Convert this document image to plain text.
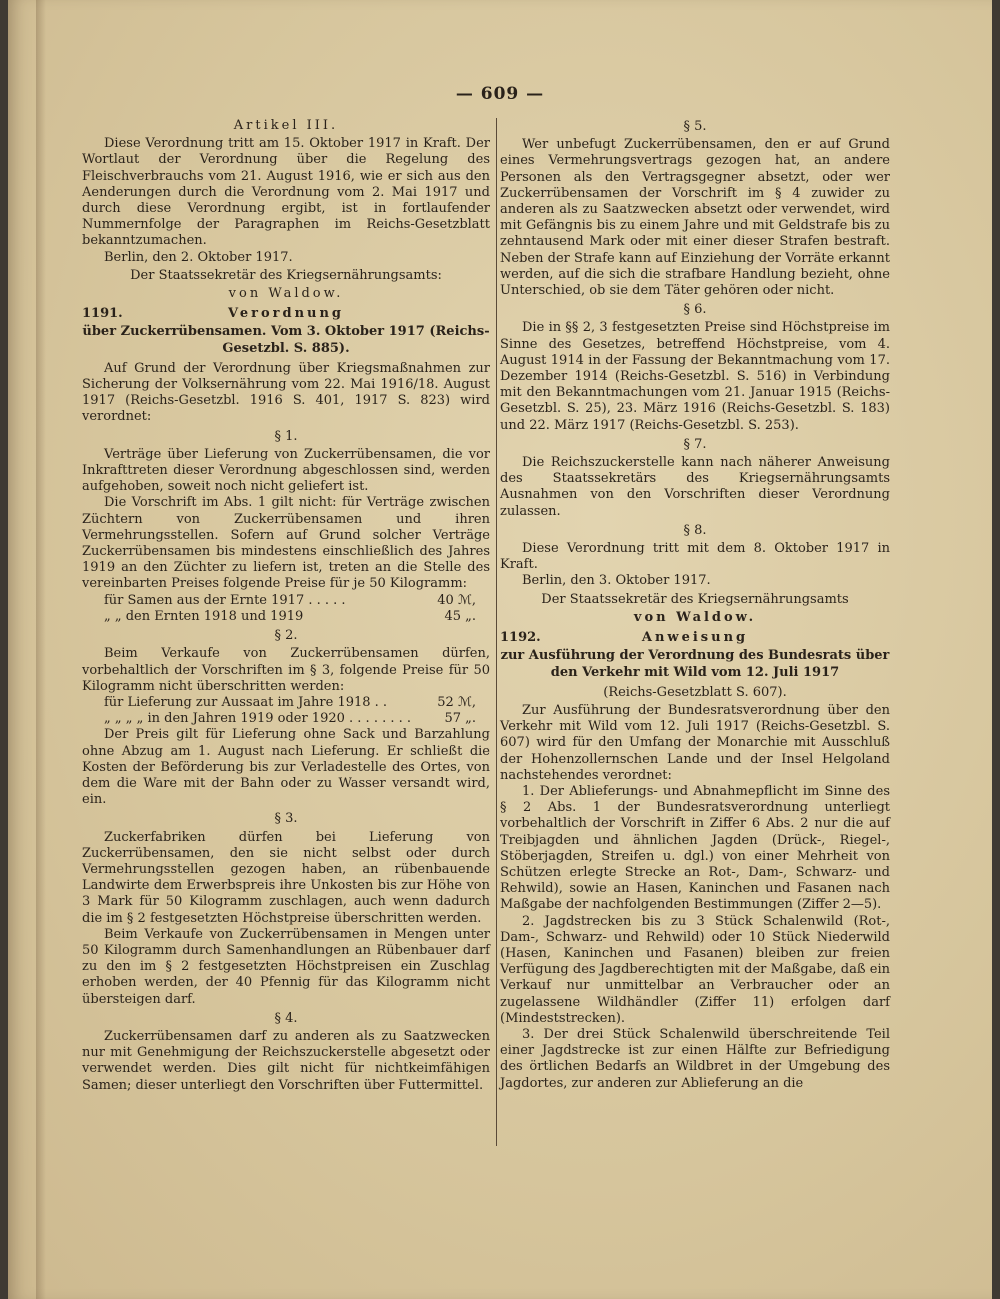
— 609 —

Artikel III.

Diese Verordnung tritt am 15. Oktober 1917 in Kraft. Der Wortlaut der Verordnung über die Regelung des Fleischverbrauchs vom 21. August 1916, wie er sich aus den Aenderungen durch die Verordnung vom 2. Mai 1917 und durch diese Verordnung ergibt, ist in fortlaufender Nummernfolge der Paragraphen im Reichs-Gesetzblatt bekanntzumachen.

Berlin, den 2. Oktober 1917.

Der Staatssekretär des Kriegsernährungsamts:

von Waldow.

1191.	Verordnung

über Zuckerrübensamen. Vom 3. Oktober 1917 (Reichs-Gesetzbl. S. 885).

Auf Grund der Verordnung über Kriegsmaßnahmen zur Sicherung der Volksernährung vom 22. Mai 1916/18. August 1917 (Reichs-Gesetzbl. 1916 S. 401, 1917 S. 823) wird verordnet:

§ 1.

Verträge über Lieferung von Zuckerrübensamen, die vor Inkrafttreten dieser Verordnung abgeschlossen sind, werden aufgehoben, soweit noch nicht geliefert ist.

Die Vorschrift im Abs. 1 gilt nicht: für Verträge zwischen Züchtern von Zuckerrübensamen und ihren Vermehrungsstellen. Sofern auf Grund solcher Verträge Zuckerrübensamen bis mindestens einschließlich des Jahres 1919 an den Züchter zu liefern ist, treten an die Stelle des vereinbarten Preises folgende Preise für je 50 Kilogramm:

für Samen aus der Ernte 1917 . . . . .	40 ℳ,
„ „ den Ernten 1918 und 1919	45 „.

§ 2.

Beim Verkaufe von Zuckerrübensamen dürfen, vorbehaltlich der Vorschriften im § 3, folgende Preise für 50 Kilogramm nicht überschritten werden:

für Lieferung zur Aussaat im Jahre 1918 . .	52 ℳ,
„ „ „ „ in den Jahren 1919 oder 1920 . . . . . . . .	57 „.

Der Preis gilt für Lieferung ohne Sack und Barzahlung ohne Abzug am 1. August nach Lieferung. Er schließt die Kosten der Beförderung bis zur Verladestelle des Ortes, von dem die Ware mit der Bahn oder zu Wasser versandt wird, ein.

§ 3.

Zuckerfabriken dürfen bei Lieferung von Zuckerrübensamen, den sie nicht selbst oder durch Vermehrungsstellen gezogen haben, an rübenbauende Landwirte dem Erwerbspreis ihre Unkosten bis zur Höhe von 3 Mark für 50 Kilogramm zuschlagen, auch wenn dadurch die im § 2 festgesetzten Höchstpreise überschritten werden.

Beim Verkaufe von Zuckerrübensamen in Mengen unter 50 Kilogramm durch Samenhandlungen an Rübenbauer darf zu den im § 2 festgesetzten Höchstpreisen ein Zuschlag erhoben werden, der 40 Pfennig für das Kilogramm nicht übersteigen darf.

§ 4.

Zuckerrübensamen darf zu anderen als zu Saatzwecken nur mit Genehmigung der Reichszuckerstelle abgesetzt oder verwendet werden. Dies gilt nicht für nichtkeimfähigen Samen; dieser unterliegt den Vorschriften über Futtermittel.

§ 5.

Wer unbefugt Zuckerrübensamen, den er auf Grund eines Vermehrungsvertrags gezogen hat, an andere Personen als den Vertragsgegner absetzt, oder wer Zuckerrübensamen der Vorschrift im § 4 zuwider zu anderen als zu Saatzwecken absetzt oder verwendet, wird mit Gefängnis bis zu einem Jahre und mit Geldstrafe bis zu zehntausend Mark oder mit einer dieser Strafen bestraft. Neben der Strafe kann auf Einziehung der Vorräte erkannt werden, auf die sich die strafbare Handlung bezieht, ohne Unterschied, ob sie dem Täter gehören oder nicht.

§ 6.

Die in §§ 2, 3 festgesetzten Preise sind Höchstpreise im Sinne des Gesetzes, betreffend Höchstpreise, vom 4. August 1914 in der Fassung der Bekanntmachung vom 17. Dezember 1914 (Reichs-Gesetzbl. S. 516) in Verbindung mit den Bekanntmachungen vom 21. Januar 1915 (Reichs-Gesetzbl. S. 25), 23. März 1916 (Reichs-Gesetzbl. S. 183) und 22. März 1917 (Reichs-Gesetzbl. S. 253).

§ 7.

Die Reichszuckerstelle kann nach näherer Anweisung des Staatssekretärs des Kriegsernährungsamts Ausnahmen von den Vorschriften dieser Verordnung zulassen.

§ 8.

Diese Verordnung tritt mit dem 8. Oktober 1917 in Kraft.

Berlin, den 3. Oktober 1917.

Der Staatssekretär des Kriegsernährungsamts

von Waldow.

1192.	Anweisung

zur Ausführung der Verordnung des Bundesrats über den Verkehr mit Wild vom 12. Juli 1917

(Reichs-Gesetzblatt S. 607).

Zur Ausführung der Bundesratsverordnung über den Verkehr mit Wild vom 12. Juli 1917 (Reichs-Gesetzbl. S. 607) wird für den Umfang der Monarchie mit Ausschluß der Hohenzollernschen Lande und der Insel Helgoland nachstehendes verordnet:

1. Der Ablieferungs- und Abnahmepflicht im Sinne des § 2 Abs. 1 der Bundesratsverordnung unterliegt vorbehaltlich der Vorschrift in Ziffer 6 Abs. 2 nur die auf Treibjagden und ähnlichen Jagden (Drück-, Riegel-, Stöberjagden, Streifen u. dgl.) von einer Mehrheit von Schützen erlegte Strecke an Rot-, Dam-, Schwarz- und Rehwild), sowie an Hasen, Kaninchen und Fasanen nach Maßgabe der nachfolgenden Bestimmungen (Ziffer 2—5).

2. Jagdstrecken bis zu 3 Stück Schalenwild (Rot-, Dam-, Schwarz- und Rehwild) oder 10 Stück Niederwild (Hasen, Kaninchen und Fasanen) bleiben zur freien Verfügung des Jagdberechtigten mit der Maßgabe, daß ein Verkauf nur unmittelbar an Verbraucher oder an zugelassene Wildhändler (Ziffer 11) erfolgen darf (Mindeststrecken).

3. Der drei Stück Schalenwild überschreitende Teil einer Jagdstrecke ist zur einen Hälfte zur Befriedigung des örtlichen Bedarfs an Wildbret in der Umgebung des Jagdortes, zur anderen zur Ablieferung an die
